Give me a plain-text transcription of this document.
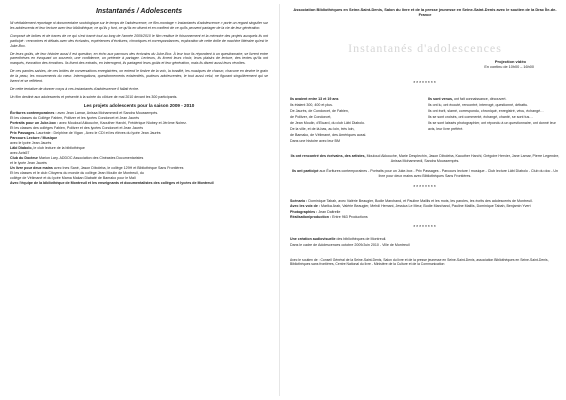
Instantanés / Adolescents

Ni véritablement reportage ni documentaire sociologique sur le temps de l'adolescence, ce film-montage « Instantanés d'adolescence » porte un regard singulier sur les adolescents et leur lecture avec leur bibliothèque, ce qu'ils y font, ce qu'ils en disent et en confient de ce qu'ils peuvent partager de la vie de leur génération.

Composé de bribes et de traces de ce qui s'est tramé tout au long de l'année 2009/2010 le film restitue le foisonnement et la mémoire des projets auxquels ils ont participé : rencontres et débats avec des écrivains, expériences d'écritures, chroniques et correspondances, exploration de cette drôle de machine littéraire qu'est le Juke-Box.

De leurs goûts, de leur histoire aussi il est question, en écho aux parcours des écrivains du Juke-Box. À leur tour ils répondent à un questionnaire, se livrent entre parenthèses en évoquant un souvenir, une confidence, un prétexte à partager. Lecteurs, ils livrent leurs choix, leurs plaisirs de lecture, des textes qu'ils ont marqués, évocation des émotions. Ils lisent des extraits, en interrogent, ils partagent leurs goûts et leur génération, mais ils disent aussi leurs révoltes.

De ces paroles saisies, de ces brides de conversations enregistrées, on entend le timbre de la voix, la tonalité, les musiques de chacun, chacune en devine le grain de la peau, les mouvements du cœur. Interrogations, questionnements existentiels, pudeurs adolescentes, le tout aussi celui, ne figurant singulièrement qui se livrent et se reflètent.

De cette tentative de donner corps à ces instantanés d'adolescence il fallait écrire.

Un film destiné aux adolescents et présenté à la soirée du clôture de mai 2010 devant les 300 participants.

Les projets adolescents pour la saison 2009 - 2010

Écritures contemporaines : avec Jean Lamar, Anissa Mohammedi et Sandra Moussempès.

Et les classes du Collège Fabien, Politzer et les lycées Condorcet et Jean Jaurès

Portraits pour un Juke-box : avec Mouloud Akkouche, Kaouther Harchi, Frédérique Niobey et Jérôme Noirez.

Et les classes des collèges Fabien, Politzer et des lycées Condorcet et Jean Jaurès

Prix Passages. Lauréate : Delphine de Vigan , Avec le CDI et les élèves du lycée Jean Jaurès

Parcours Lecture / Musique

avec le lycée Jean Jaurès

Lâbi Diabolo, le club lecture de la bibliothèque

avec Acts57

Club du Docteur Marion Lary. ADDOC Association des Cinéastes Documentaristes

et le lycée Jean Jaurès

Un livre pour deux mains avec Ines Sané, Jason Diboleba, le collège 129H et Bibliothèque Sans Frontières

Et les classes et le club Citoyens du monde du collège Jean Moulin de Montreuil, du

collège de Vélimané et du lycée Mama Makan Diabaté de Bamako pour le Mali

Avec l'équipe de la bibliothèque de Montreuil et les enseignants et documentalistes des collèges et lycées de Montreuil

Association Bibliothèques en Seine-Saint-Denis, Salon du livre et de la presse jeunesse en Seine-Saint-Denis avec le soutien de la Drac Île-de-France
Instantanés d'adolescences
Projection vidéo
En continu de 10h00 – 16h00
********
Ils avaient entre 13 et 19 ans
Ils étaient 300, 400 et plus.
De Jaurès, de Condorcet, de Fabien,
de Politzer, de Condorcet,
de Jean Moulin, d'Eluard, du club Lâbi Diabolo.
De la ville, et de là-bas, au loin, très loin,
de Bamako, de Vélimané, des Amériques aussi.
Dans une histoire avec leur BM
Ils sont venus, ont fait connaissance, découvert.
Ils ont lu, ont écouté, rencontré, interrogé, questionné, débattu.
Ils ont écrit, slamé, correspondu, chroniqué, enregistré, vécu, échangé…
Ils se sont croisés, ont commenté, échangé, chanté, se sont tus…
Ils se sont laissés photographier, ont répondu à un questionnaire, ont donné leur avis, leur livre préféré.

Ils ont rencontré des écrivains, des artistes, Mouloud Akkouche, Marie Desplechin, Jason Diboleba, Kaouther Harchi, Grégoire Hervier, Jane Lamar, Pierre Legendre, Anissa Mohammedi, Sandra Moussempès.

Ils ont participé aux Écritures contemporaines - Portraits pour un Juke-box - Prix Passages - Parcours lecture / musique - Club lecture Lâbi Diabolo - Club du doc - Un livre pour deux mains avec Bibliothèques Sans Frontières.

********

Scénario : Dominique Tabah, avec Valérie Beaugier, Bodie Marchand, et Pauline Maillis et les mots, les paroles, les écrits des adolescents de Montreuil.

Avec les voix de : Marlka Arab, Valérie Beaugier, Mehdi Hemani, Jessica Le Meur, Bodie Marchand, Pauline Maillis, Dominique Tabah, Benjamin Yvert

Photographies : Jean Daltrelle

Réalisation/production : Entre 963 Productions

********

Une création audiovisuelle des bibliothèques de Montreuil.

Dans le cadre de Adolescences octobre 2009/Juin 2010 - Ville de Montreuil

Avec le soutien de : Conseil Général de la Seine-Saint-Denis, Salon du livre et de la presse jeunesse en Seine-Saint-Denis, association Bibliothèques en Seine-Saint-Denis, Bibliothèques sans frontières, Centre National du livre - Ministère de la Culture et de la Communication
